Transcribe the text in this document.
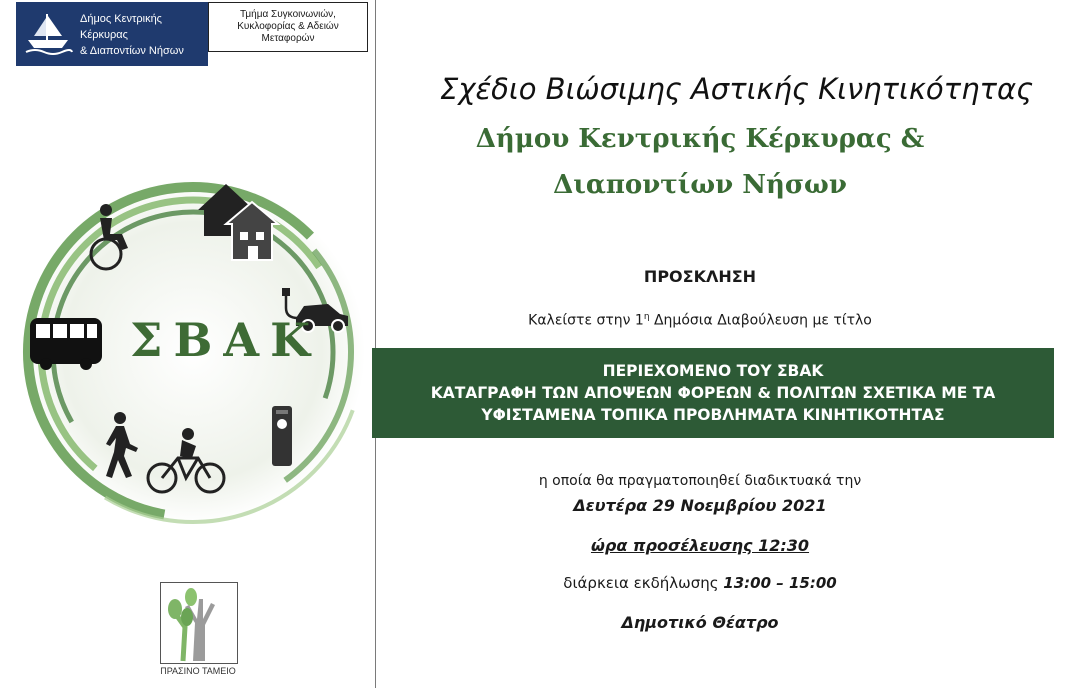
Δήμος Κεντρικής
Κέρκυρας
& Διαποντίων Νήσων
Τμήμα Συγκοινωνιών,
Κυκλοφορίας & Αδειών
Μεταφορών
ΣΒΑΚ
ΠΡΑΣΙΝΟ ΤΑΜΕΙΟ
Σχέδιο Βιώσιμης Αστικής Κινητικότητας
Δήμου Κεντρικής Κέρκυρας &
Διαποντίων Νήσων
ΠΡΟΣΚΛΗΣΗ
Καλείστε στην $1^\eta$ Δημόσια Διαβούλευση με τίτλο
ΠΕΡΙΕΧΟΜΕΝΟ ΤΟΥ ΣΒΑΚ
ΚΑΤΑΓΡΑΦΗ ΤΩΝ ΑΠΟΨΕΩΝ ΦΟΡΕΩΝ & ΠΟΛΙΤΩΝ ΣΧΕΤΙΚΑ ΜΕ ΤΑ
ΥΦΙΣΤΑΜΕΝΑ ΤΟΠΙΚΑ ΠΡΟΒΛΗΜΑΤΑ ΚΙΝΗΤΙΚΟΤΗΤΑΣ
η οποία θα πραγματοποιηθεί διαδικτυακά την
Δευτέρα 29 Νοεμβρίου 2021
ώρα προσέλευσης 12:30
διάρκεια εκδήλωσης 13:00 – 15:00
Δημοτικό Θέατρο
